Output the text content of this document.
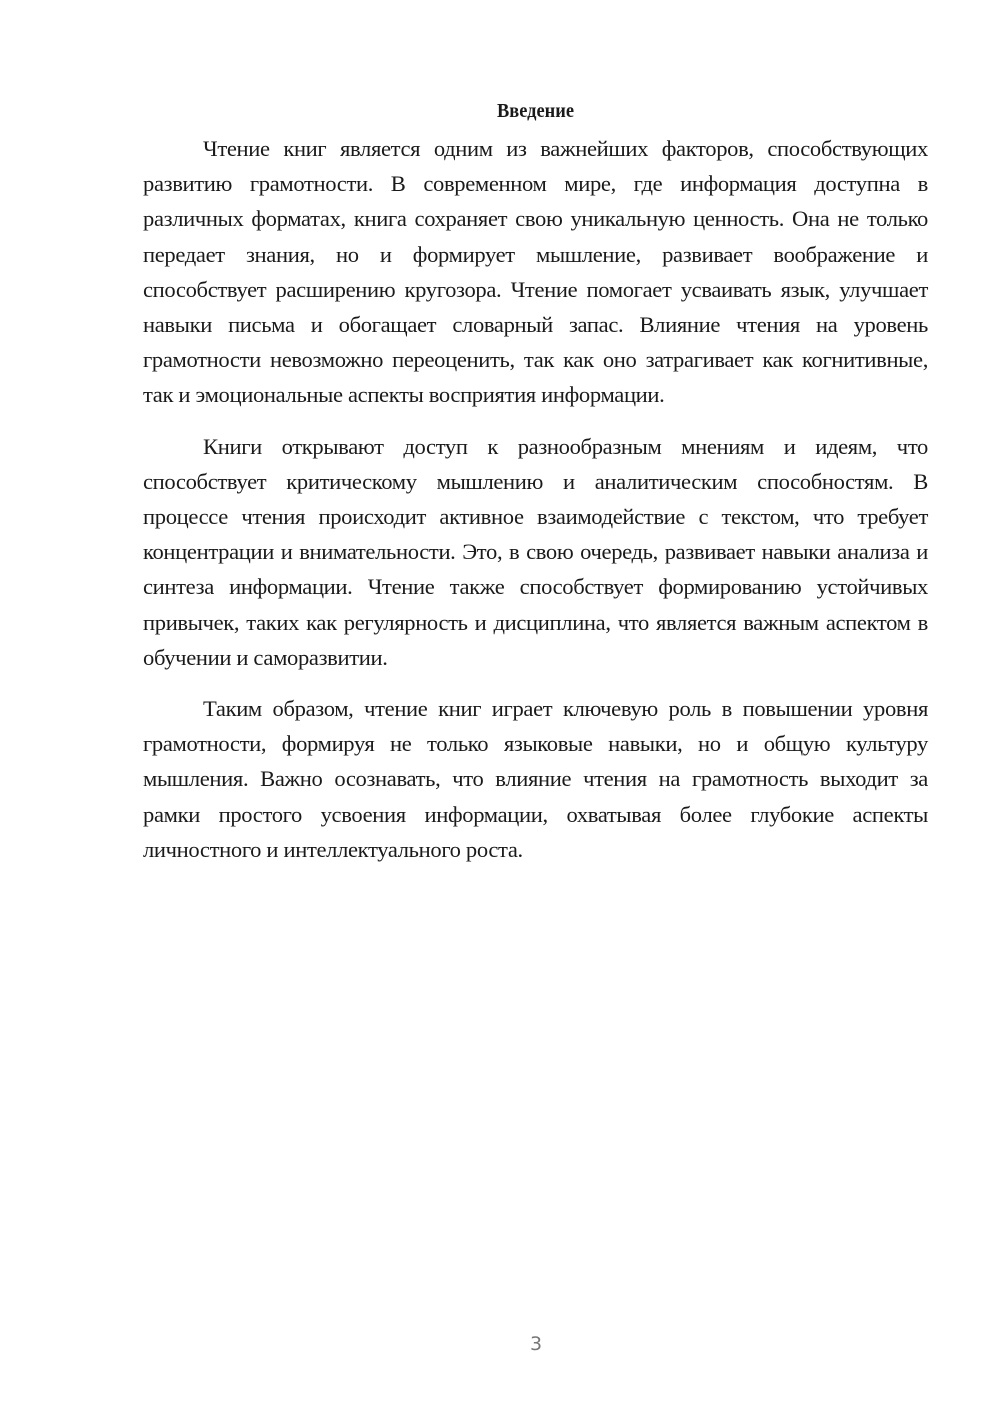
Введение

Чтение книг является одним из важнейших факторов, способствующих развитию грамотности. В современном мире, где информация доступна в различных форматах, книга сохраняет свою уникальную ценность. Она не только передает знания, но и формирует мышление, развивает воображение и способствует расширению кругозора. Чтение помогает усваивать язык, улучшает навыки письма и обогащает словарный запас. Влияние чтения на уровень грамотности невозможно переоценить, так как оно затрагивает как когнитивные, так и эмоциональные аспекты восприятия информации.

Книги открывают доступ к разнообразным мнениям и идеям, что способствует критическому мышлению и аналитическим способностям. В процессе чтения происходит активное взаимодействие с текстом, что требует концентрации и внимательности. Это, в свою очередь, развивает навыки анализа и синтеза информации. Чтение также способствует формированию устойчивых привычек, таких как регулярность и дисциплина, что является важным аспектом в обучении и саморазвитии.

Таким образом, чтение книг играет ключевую роль в повышении уровня грамотности, формируя не только языковые навыки, но и общую культуру мышления. Важно осознавать, что влияние чтения на грамотность выходит за рамки простого усвоения информации, охватывая более глубокие аспекты личностного и интеллектуального роста.

3
